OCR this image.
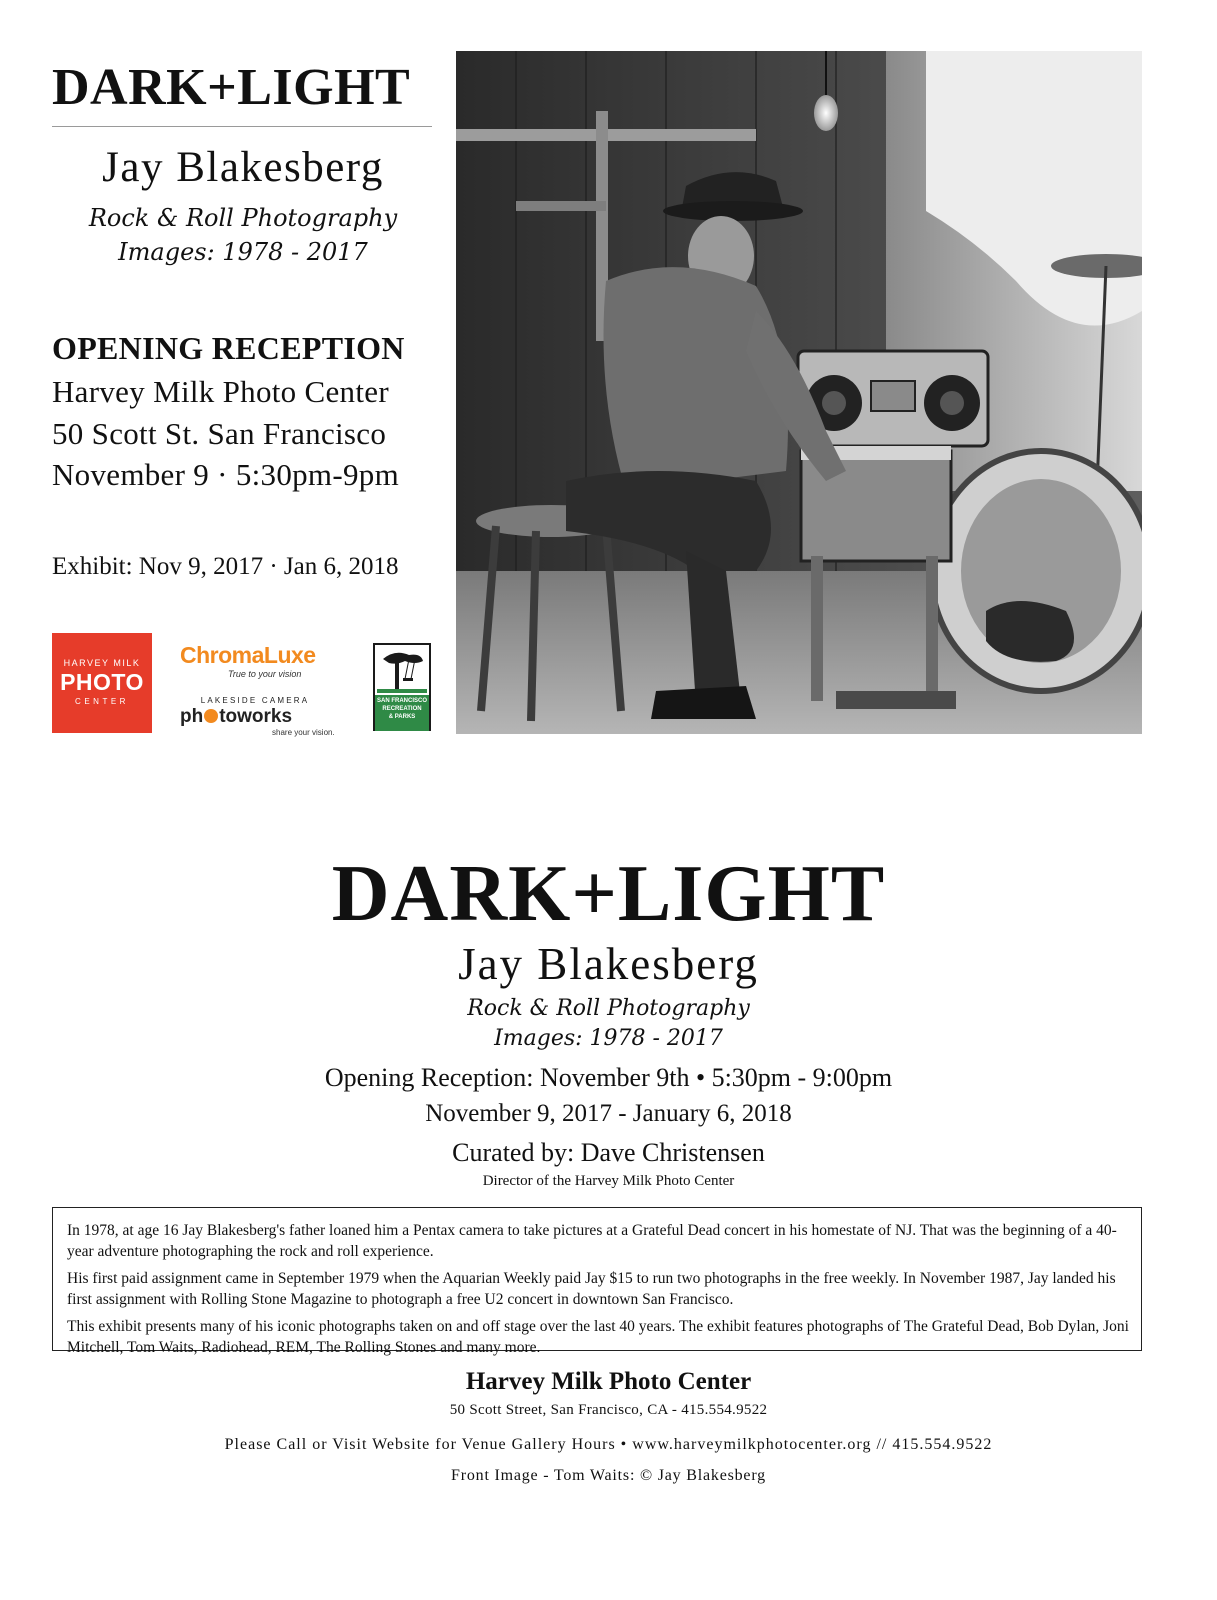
DARK+LIGHT
Jay Blakesberg
Rock & Roll Photography
Images: 1978 - 2017
OPENING RECEPTION
Harvey Milk Photo Center
50 Scott St. San Francisco
November 9 · 5:30pm-9pm
Exhibit: Nov 9, 2017 · Jan 6, 2018
HARVEY MILK
PHOTO
CENTER
ChromaLuxe
True to your vision
LAKESIDE CAMERA
ph toworks
share your vision.
SAN FRANCISCO
RECREATION
& PARKS
DARK+LIGHT
Jay Blakesberg
Rock & Roll Photography
Images: 1978 - 2017
Opening Reception: November 9th • 5:30pm - 9:00pm
November 9, 2017 - January 6, 2018
Curated by: Dave Christensen
Director of the Harvey Milk Photo Center

In 1978, at age 16 Jay Blakesberg's father loaned him a Pentax camera to take pictures at a Grateful Dead concert in his homestate of NJ. That was the beginning of a 40-year adventure photographing the rock and roll experience.

His first paid assignment came in September 1979 when the Aquarian Weekly paid Jay $15 to run two photographs in the free weekly. In November 1987, Jay landed his first assignment with Rolling Stone Magazine to photograph a free U2 concert in downtown San Francisco.

This exhibit presents many of his iconic photographs taken on and off stage over the last 40 years. The exhibit features photographs of The Grateful Dead, Bob Dylan, Joni Mitchell, Tom Waits, Radiohead, REM, The Rolling Stones and many more.

Harvey Milk Photo Center
50 Scott Street, San Francisco, CA - 415.554.9522
Please Call or Visit Website for Venue Gallery Hours • www.harveymilkphotocenter.org // 415.554.9522
Front Image - Tom Waits: © Jay Blakesberg
